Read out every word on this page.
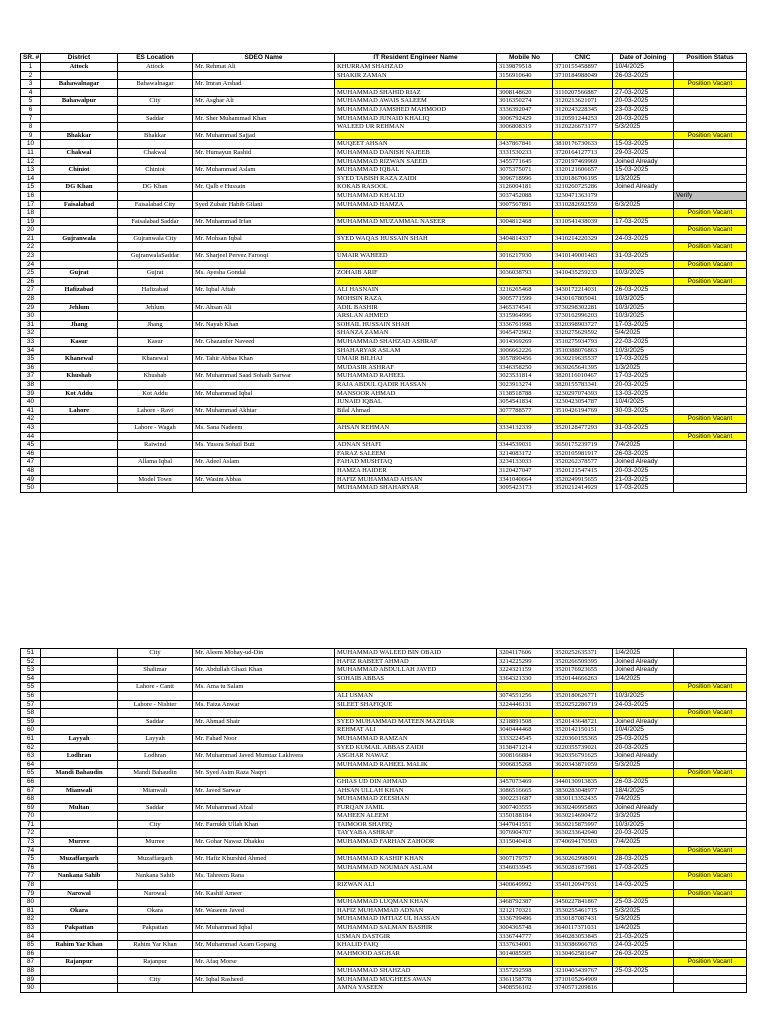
SR. #	District	ES Location	SDEO Name	IT Resident Engineer Name	Mobile No	CNIC	Date of Joining	Position Status
1	Attock	Attock	Mr. Rehmat Ali	KHURRAM SHAHZAD	3139879518	3710155458897	10/4/2025	
2				SHAKIR ZAMAN	3156910640	3710184988049	26-03-2025	
3	Bahawalnagar	Bahawalnagar	Mr. Imran Arshad					Position Vacant
4				MUHAMMAD SHAHID RIAZ	3008148620	3110207566887	27-03-2025	
5	Bahawalpur	City	Mr. Asghar Ali	MUHAMMAD AWAIS SALEEM	3016350274	3120213621071	20-03-2025	
6				MUHAMMAD JAMSHED MAHMOOD	3336392047	3120243228345	23-03-2025	
7		Saddar	Mr. Sher Muhammad Khan	MUHAMMAD JUNAID KHALIQ	3006792429	3120591244253	20-03-2025	
8				WALEED UR REHMAN	3006808319	3120226673177	5/3/2025	
9	Bhakkar	Bhakkar	Mr. Muhammad Sajjad					Position Vacant
10				MUQEET AHSAN	3437867841	3810176730633	15-03-2025	
11	Chakwal	Chakwal	Mr. Humayun Rashid	MUHAMMAD DANISH NAJEEB	3331530233	3720164127713	29-03-2025	
12				MUHAMMAD RIZWAN SAEED	3455771645	3720197469969	Joined Already	
13	Chiniot	Chiniot	Mr. Muhammad Aslam	MUHAMMAD IQBAL	3075375071	3320121606657	15-03-2025	
14				SYED TABISH RAZA ZAIDI	3096718996	3320186706195	1/3/2025	
15	DG Khan	DG Khan	Mr. Qalb e Hussain	KOKAB RASOOL	3126004181	3210260725286	Joined Already	
16				MUHAMMAD KHALID	3037452088	3230471363179		Verify
17	Faisalabad	Faisalabad City	Syed Zubair Habib Gilani	MUHAMMAD HAMZA	3007567891	3310282692559	6/3/2025	
18								Position Vacant
19		Faisalabad Saddar	Mr. Muhammad Irfan	MUHAMMAD MUZAMMAL NASEER	3004812468	3310541438039	17-03-2025	
20								Position Vacant
21	Gujranwala	Gujranwala City	Mr. Mohsan Iqbal	SYED WAQAS HUSSAIN SHAH	3404814337	3410214220329	24-03-2025	
22								Position Vacant
23		GujranwalaSaddar	Mr. Sharjeel Pervez Farooqi	UMAIR WAHEED	3016217930	3410149001483	31-03-2025	
24								Position Vacant
25	Gujrat	Gujrat	Ms. Ayesha Gondal	ZOHAIB ARIF	3036038793	3410435259233	10/3/2025	
26								Position Vacant
27	Hafizabad	Hafizabad	Mr. Iqbal Aftab	ALI HASNAIN	3216265468	3430172214031	26-03-2025	
28				MOHSIN RAZA	3005771599	3430167805041	10/3/2025	
29	Jehlum	Jehlum	Mr. Ahsan Ali	ADIL BASHIR	3465374541	3730298302281	10/3/2025	
30				ARSLAN AHMED	3315964996	3730162996203	10/3/2025	
31	Jhang	Jhang	Mr. Nayab Khan	SOHAIL HUSSAIN SHAH	3336761998	3320398903727	17-03-2025	
32				SHANZA ZAMAN	3045472902	3320275629592	5/4/2025	
33	Kasur	Kasur	Mr. Ghazanfer Naveed	MUHAMMAD SHAHZAD ASHRAF	3014369269	3510275934793	22-03-2025	
34				SHAHARYAR ASLAM	3006662226	3510388076863	10/3/2025	
35	Khanewal	Khanewal	Mr. Tahir Abbas Khan	UMAIR BILHAJ	3057890456	3630219635537	17-03-2025	
36				MUDASIR ASHRAF	3346358250	3630265641395	1/3/2025	
37	Khushab	Khushab	Mr. Muhammad Saad Sohaib Sarwar	MUHAMMAD RAHEEL	3023531814	3820116010467	17-03-2025	
38				RAJA ABDUL QADIR HASSAN	3023913274	3820155783341	20-03-2025	
39	Kot Addu	Kot Addu	Mr. Muhammad Iqbal	MANSOOR AHMAD	3138518788	3230297074393	13-03-2025	
40				JUNAID IQBAL	3054541834	3230423054787	10/4/2025	
41	Lahore	Lahore - Ravi	Mr. Muhammad Akhtar	Bilal Ahmad	3077788577	3510426194769	30-03-2025	
42								Position Vacant
43		Lahore - Wagah	Ms. Sana Nadeem	AHSAN REHMAN	3334132339	3520128477293	31-03-2025	
44								Position Vacant
45		Raiwind	Ms. Yussra Sohail Butt	ADNAN SHAFI	3344539031	3650175239719	7/4/2025	
46				FARAZ SALEEM	3214083172	3520105981917	26-03-2025	
47		Allama Iqbal	Mr. Adeel Aslam	FAHAD MUSHTAQ	3234133033	3520262378577	Joined Already	
48				HAMZA HAIDER	3120427047	3520121547415	20-03-2025	
49		Model Town	Mr. Wasim Abbas	HAFIZ MUHAMMAD AHSAN	3341040664	3520249915655	21-03-2025	
50				MUHAMMAD SHAHARYAR	3095423173	3520212414929	17-03-2025	
51		City	Mr. Aleem Mohay-ud-Din	MUHAMMAD WALEED BIN OBAID	3204117606	3520252635371	1/4/2025	
52				HAFIZ RABEET AHMAD	3214225299	3520266509395	Joined Already	
53		Shalimar	Mr. Abdullah Ghazi Khan	MUHAMMAD ABDULLAH JAVED	3224321159	3520176923655	Joined Already	
54				SOHAIB ABBAS	3364321330	3520144666263	1/4/2025	
55		Lahore - Cantt	Ms. Ama tu Salam					Position Vacant
56				ALI USMAN	3074551256	3520180626771	10/3/2025	
57		Lahore - Nishter	Ms. Faiza Anwar	SILEET SHAFIQUE	3224446131	3520252286719	24-03-2025	
58								Position Vacant
59		Saddar	Mr. Ahmad Shair	SYED MUHAMMAD MATEEN MAZHAR	3218891508	3520143648721	Joined Already	
60				REHMAT ALI	3040444468	3520142150151	10/4/2025	
61	Layyah	Layyah	Mr. Fahad Noor	MUHAMMAD RAMZAN	3333224545	3220360155365	25-03-2025	
62				SYED KUMAIL ABBAS ZAIDI	3138471214	3220355739021	20-03-2025	
63	Lodhran	Lodhran	Mr. Muhammad Javed Mumtaz Lakhvera	ASGHAR NAWAZ	3008166884	3620356791625	Joined Already	
64				MUHAMMAD RAHEEL MALIK	3006835268	3620343871059	5/3/2025	
65	Mandi Bahaudin	Mandi Bahaudin	Mr. Syed Asim Raza Naqvi					Position Vacant
66				GHIAS UD DIN AHMAD	3457073469	3440130913835	26-03-2025	
67	Mianwali	Mianwali	Mr. Javed Sarwar	AHSAN ULLAH KHAN	3086516665	3830283048977	18/4/2025	
68				MUHAMMAD ZEESHAN	3002231687	3830113352435	7/4/2025	
69	Multan	Saddar	Mr. Muhammad Afzal	FURQAN JAMIL	3007403555	3630240995865	Joined Already	
70				MAHEEN ALEEM	3350188184	3630214690472	3/3/2025	
71		City	Mr. Farrukh Ullah Khan	TAIMOOR SHAFIQ	3447041551	3630215875997	10/3/2025	
72				TAYYABA ASHRAF	3076904707	3630233642940	20-03-2025	
73	Murree	Murree	Mr. Gohar Nawaz Dhakku	MUHAMMAD FARHAN ZAHOOR	3315040418	3740694170503	7/4/2025	
74								Position Vacant
75	Muzaffargarh	Muzaffargarh	Mr. Hafiz Khurshid Ahmed	MUHAMMAD KASHIF KHAN	3007179757	3630262998091	28-03-2025	
76				MUHAMMAD NOUMAN ASLAM	3346033945	3630281673981	17-03-2025	
77	Nankana Sahib	Nankana Sahib	Ms. Tahreem Rana					Position Vacant
78				RIZWAN ALI	3400649992	3540120947931	14-03-2025	
79	Narowal	Narowal	Mr. Kashif Ameer					Position Vacant
80				MUHAMMAD LUQMAN KHAN	3468792387	3450227841867	25-03-2025	
81	Okara	Okara	Mr. Waseem Javed	HAFIZ MUHAMMAD ADNAN	3212170321	3530255461715	5/3/2025	
82				MUHAMMAD IMTIAZ UL HASSAN	3336799496	3530187087431	5/3/2025	
83	Pakpattan	Pakpattan	Mr. Muhammad Iqbal	MUHAMMAD SALMAN BASHIR	3004365748	3640117371031	1/4/2025	
84				USMAN DASTGIR	3336744777	3640283053845	21-03-2025	
85	Rahim Yar Khan	Rahim Yar Khan	Mr. Muhammad Azam Gopang	KHALID FAIQ	3337634001	3130386966765	24-03-2025	
86				MAHMOOD ASGHAR	3014085505	3130462581647	26-03-2025	
87	Rajanpur	Rajanpur	Mr. Afaq Morse					Position Vacant
88				MUHAMMAD SHAHZAD	3357292598	3210403439767	25-03-2025	
89		City	Mr. Iqbal Rasheed	MUHAMMAD MUGHEES AWAN	3361158778	3710105264909		
90				AMNA YASEEN	3408556102	3740571209816		
